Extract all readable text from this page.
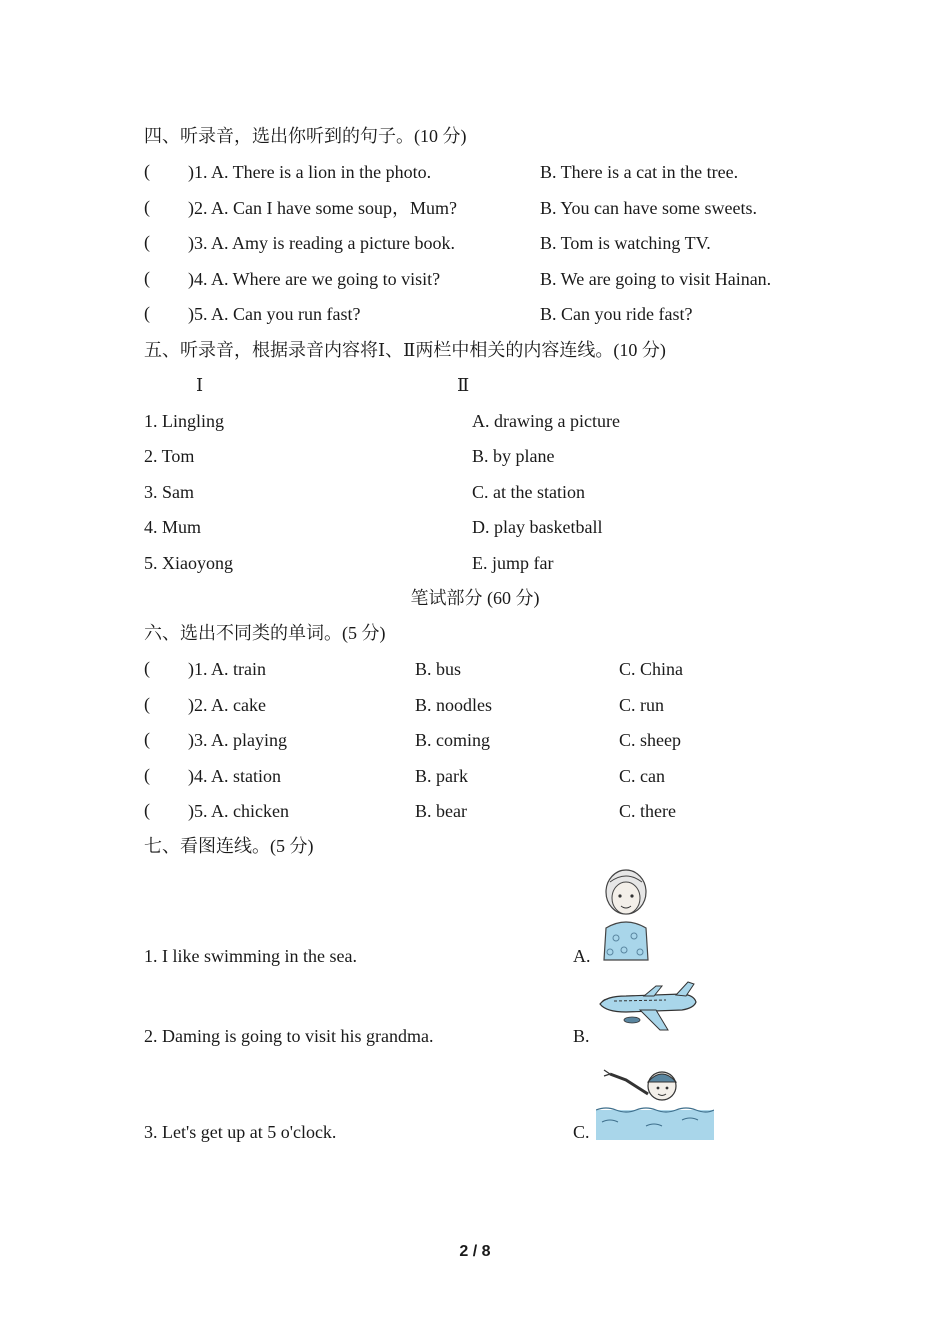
四、听录音，选出你听到的句子。(10 分)
( )1. A. There is a lion in the photo.	B. There is a cat in the tree.
( )2. A. Can I have some soup，Mum?	B. You can have some sweets.
( )3. A. Amy is reading a picture book.	B. Tom is watching TV.
( )4. A. Where are we going to visit?	B. We are going to visit Hainan.
( )5. A. Can you run fast?	B. Can you ride fast?
五、听录音，根据录音内容将Ⅰ、Ⅱ两栏中相关的内容连线。(10 分)
Ⅰ	Ⅱ
1. Lingling	A. drawing a picture
2. Tom	B. by plane
3. Sam	C. at the station
4. Mum	D. play basketball
5. Xiaoyong	E. jump far
笔试部分 (60 分)
六、选出不同类的单词。(5 分)
( )1. A. train	B. bus	C. China
( )2. A. cake	B. noodles	C. run
( )3. A. playing	B. coming	C. sheep
( )4. A. station	B. park	C. can
( )5. A. chicken	B. bear	C. there
七、看图连线。(5 分)
1. I like swimming in the sea.	A.
2. Daming is going to visit his grandma.	B.
3. Let's get up at 5 o'clock.	C.
2 / 8
